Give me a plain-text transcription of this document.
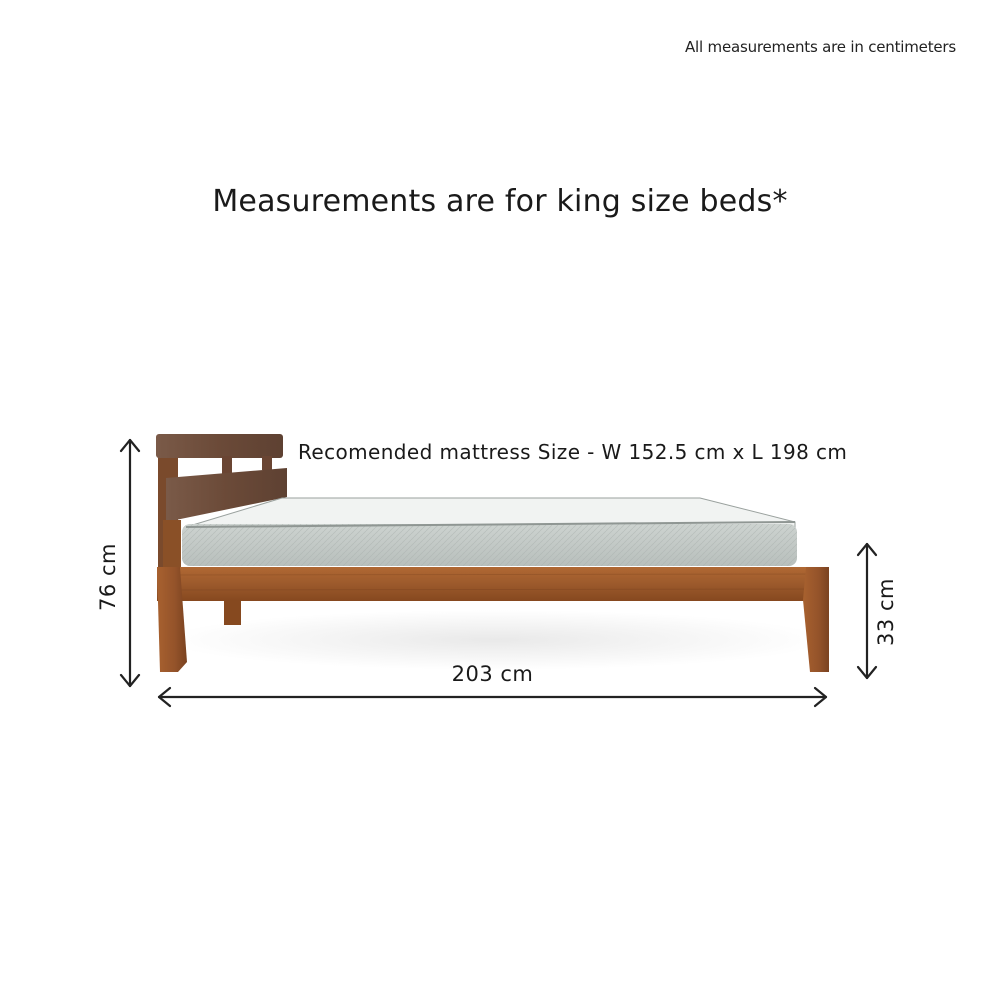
All measurements are in centimeters
Measurements are for king size beds*
Recomended mattress Size - W 152.5 cm x L 198 cm
76 cm
203 cm
33 cm
